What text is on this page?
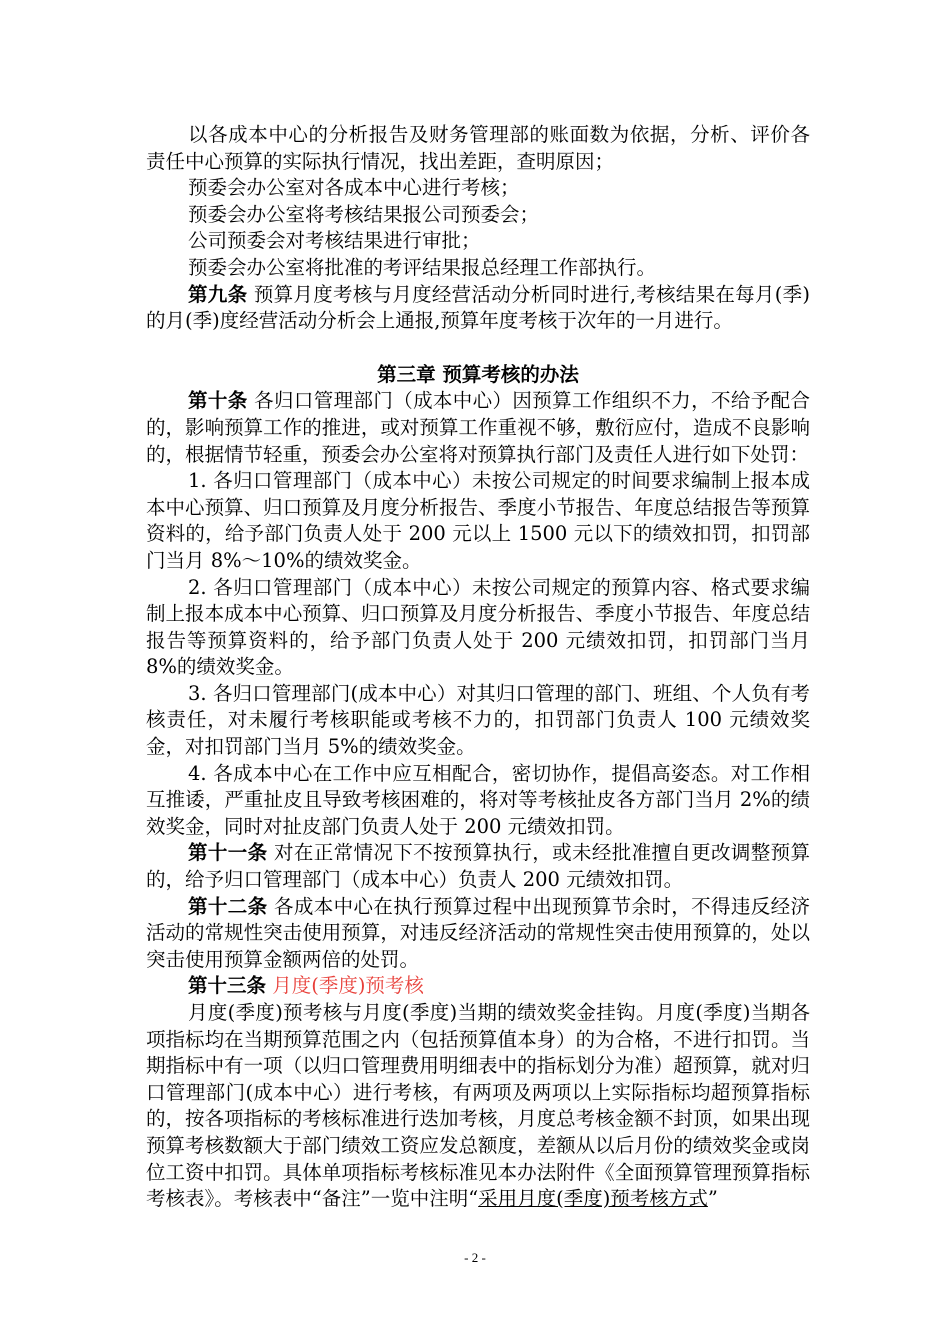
以各成本中心的分析报告及财务管理部的账面数为依据，分析、评价各责任中心预算的实际执行情况，找出差距，查明原因；

预委会办公室对各成本中心进行考核；

预委会办公室将考核结果报公司预委会；

公司预委会对考核结果进行审批；

预委会办公室将批准的考评结果报总经理工作部执行。

第九条 预算月度考核与月度经营活动分析同时进行,考核结果在每月(季)的月(季)度经营活动分析会上通报,预算年度考核于次年的一月进行。

第三章 预算考核的办法

第十条 各归口管理部门（成本中心）因预算工作组织不力，不给予配合的，影响预算工作的推进，或对预算工作重视不够，敷衍应付，造成不良影响的，根据情节轻重，预委会办公室将对预算执行部门及责任人进行如下处罚：

1. 各归口管理部门（成本中心）未按公司规定的时间要求编制上报本成本中心预算、归口预算及月度分析报告、季度小节报告、年度总结报告等预算资料的，给予部门负责人处于 200 元以上 1500 元以下的绩效扣罚，扣罚部门当月 8%～10%的绩效奖金。

2. 各归口管理部门（成本中心）未按公司规定的预算内容、格式要求编制上报本成本中心预算、归口预算及月度分析报告、季度小节报告、年度总结报告等预算资料的，给予部门负责人处于 200 元绩效扣罚，扣罚部门当月 8%的绩效奖金。

3. 各归口管理部门(成本中心）对其归口管理的部门、班组、个人负有考核责任，对未履行考核职能或考核不力的，扣罚部门负责人 100 元绩效奖金，对扣罚部门当月 5%的绩效奖金。

4. 各成本中心在工作中应互相配合，密切协作，提倡高姿态。对工作相互推诿，严重扯皮且导致考核困难的，将对等考核扯皮各方部门当月 2%的绩效奖金，同时对扯皮部门负责人处于 200 元绩效扣罚。

第十一条 对在正常情况下不按预算执行，或未经批准擅自更改调整预算的，给予归口管理部门（成本中心）负责人 200 元绩效扣罚。

第十二条 各成本中心在执行预算过程中出现预算节余时，不得违反经济活动的常规性突击使用预算，对违反经济活动的常规性突击使用预算的，处以突击使用预算金额两倍的处罚。

第十三条 月度(季度)预考核

月度(季度)预考核与月度(季度)当期的绩效奖金挂钩。月度(季度)当期各项指标均在当期预算范围之内（包括预算值本身）的为合格，不进行扣罚。当期指标中有一项（以归口管理费用明细表中的指标划分为准）超预算，就对归口管理部门(成本中心）进行考核，有两项及两项以上实际指标均超预算指标的，按各项指标的考核标准进行迭加考核，月度总考核金额不封顶，如果出现预算考核数额大于部门绩效工资应发总额度，差额从以后月份的绩效奖金或岗位工资中扣罚。具体单项指标考核标准见本办法附件《全面预算管理预算指标考核表》。考核表中“备注”一览中注明“采用月度(季度)预考核方式”

- 2 -
